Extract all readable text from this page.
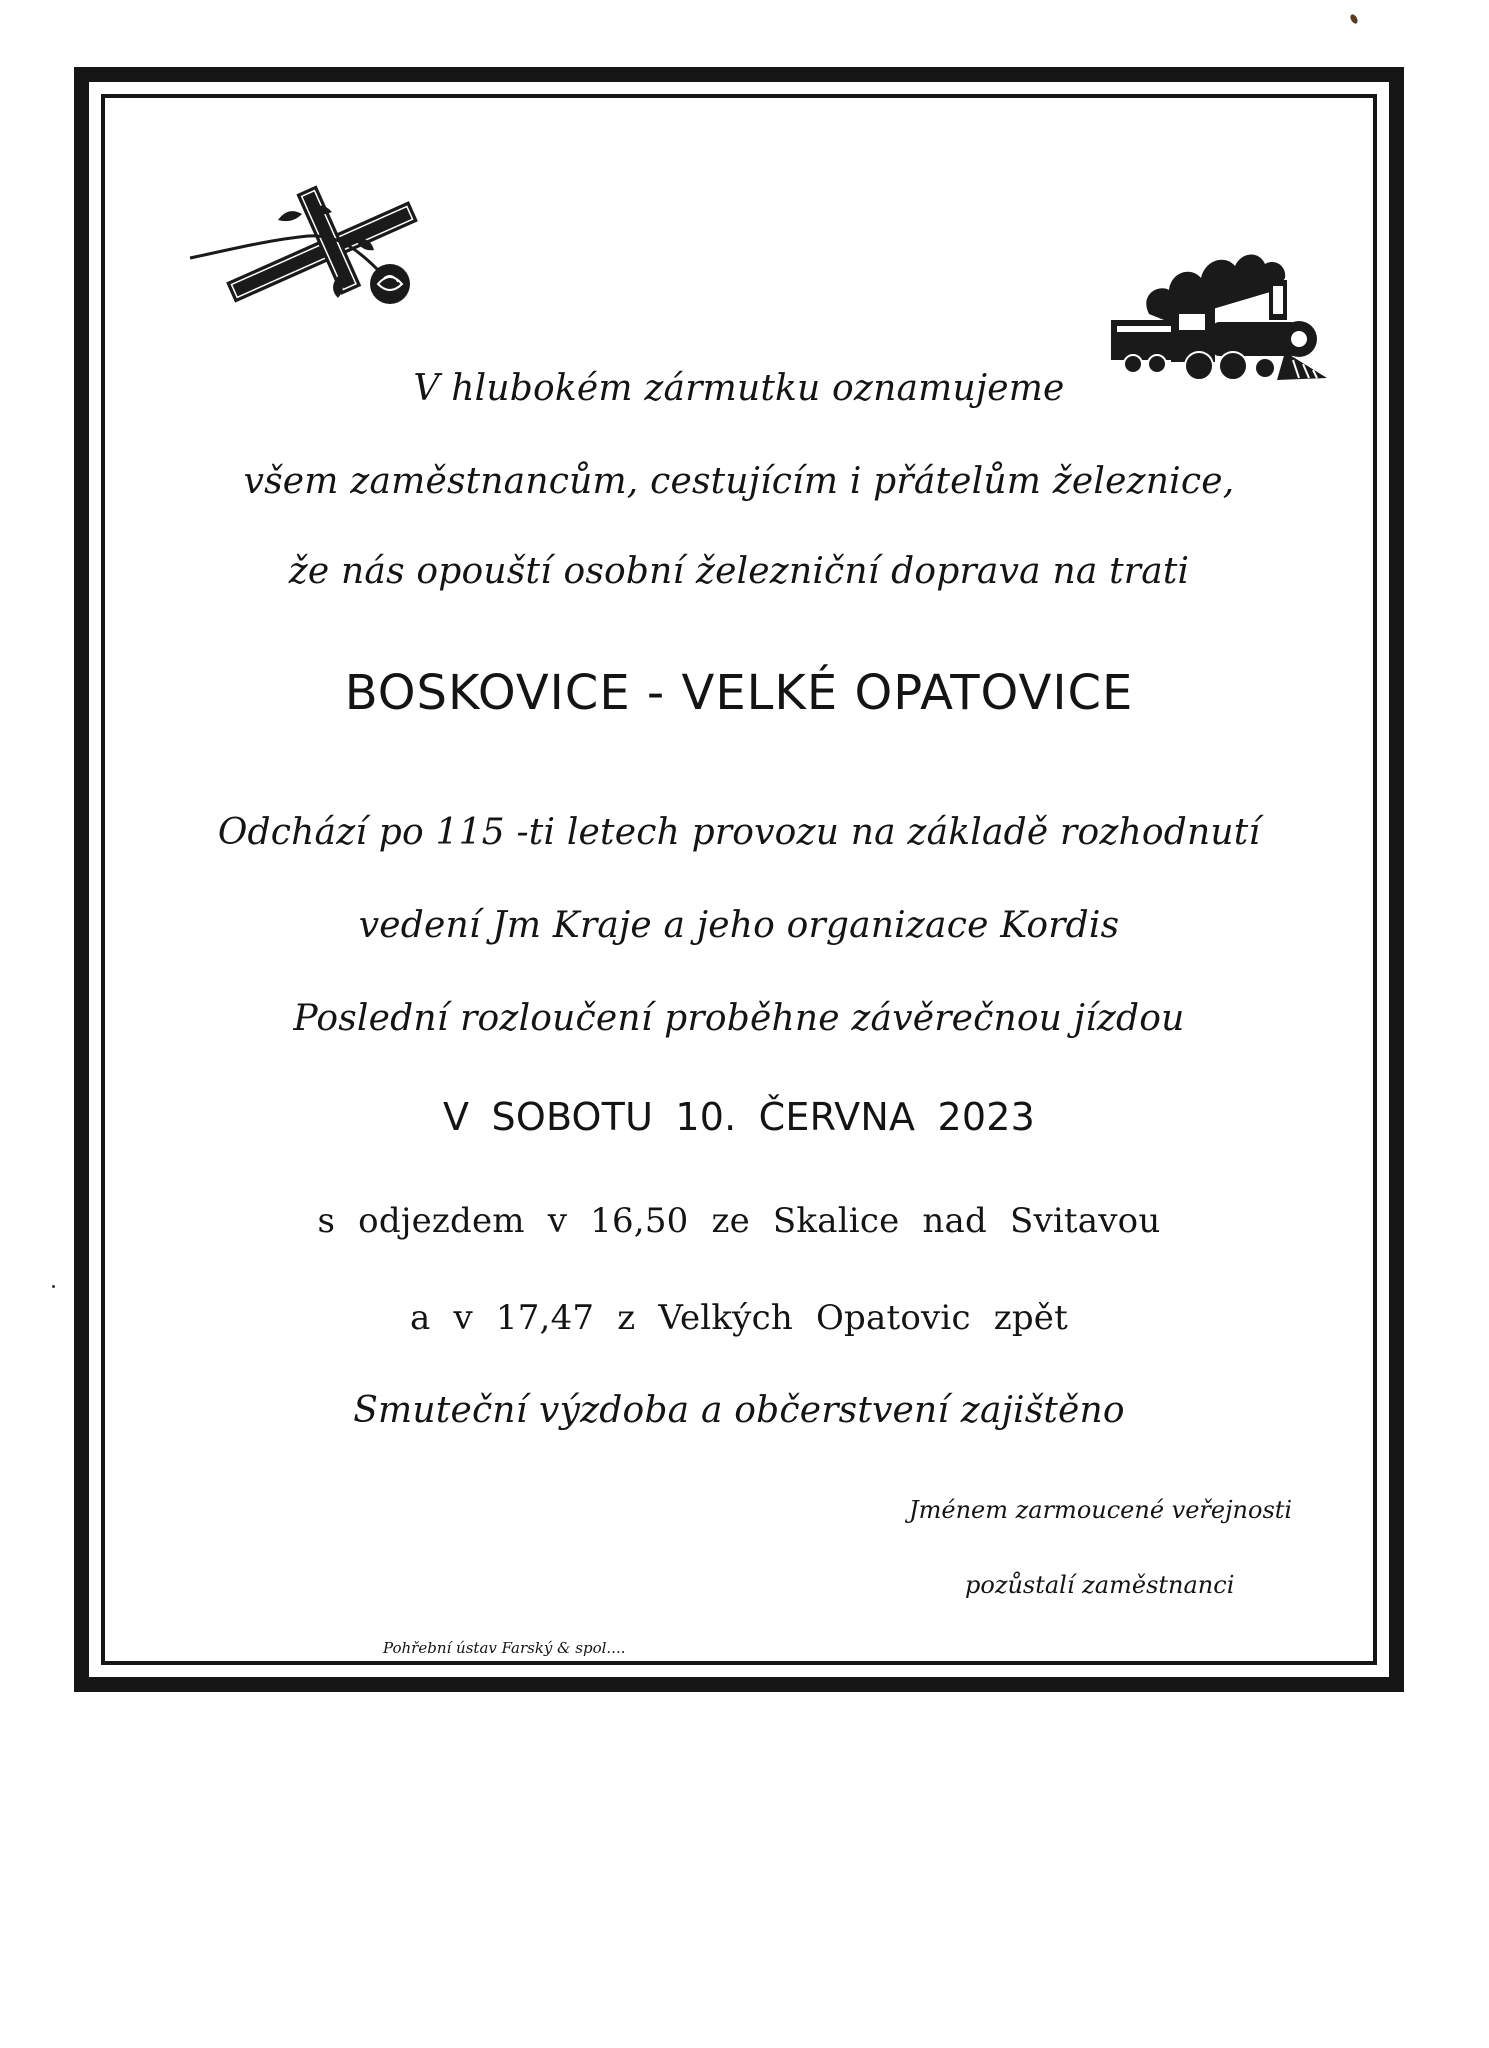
V hlubokém zármutku oznamujeme
všem zaměstnancům, cestujícím i přátelům železnice,
že nás opouští osobní železniční doprava na trati
BOSKOVICE - VELKÉ OPATOVICE
Odchází po 115 -ti letech provozu na základě rozhodnutí
vedení Jm Kraje a jeho organizace Kordis
Poslední rozloučení proběhne závěrečnou jízdou
V SOBOTU 10. ČERVNA 2023
s odjezdem v 16,50 ze Skalice nad Svitavou
a v 17,47 z Velkých Opatovic zpět
Smuteční výzdoba a občerstvení zajištěno
Jménem zarmoucené veřejnosti
pozůstalí zaměstnanci
Pohřební ústav Farský & spol....
